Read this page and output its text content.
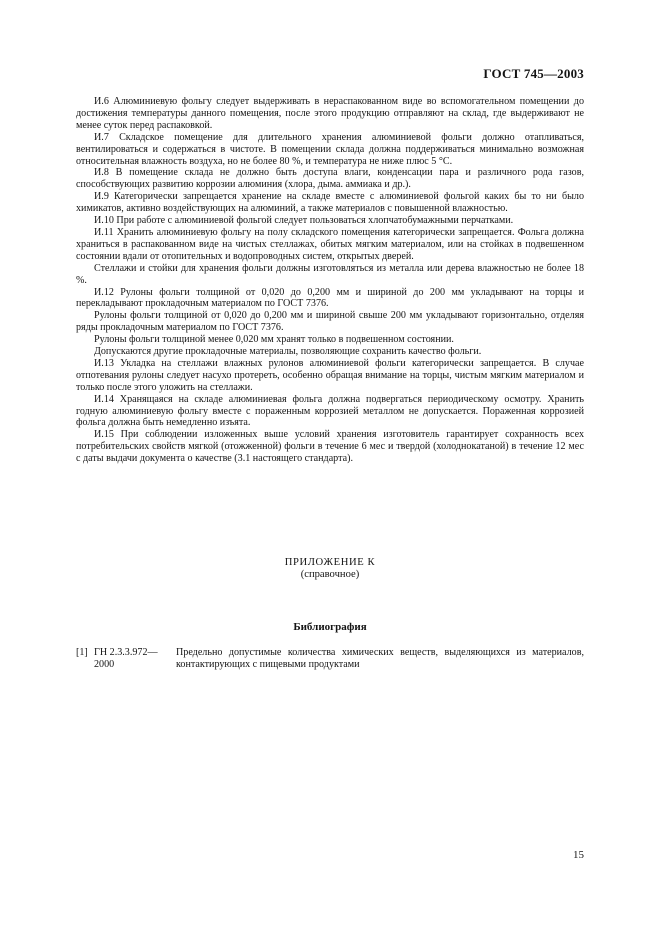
ГОСТ 745—2003

И.6 Алюминиевую фольгу следует выдерживать в нераспакованном виде во вспомогательном помещении до достижения температуры данного помещения, после этого продукцию отправляют на склад, где выдерживают не менее суток перед распаковкой.

И.7 Складское помещение для длительного хранения алюминиевой фольги должно отапливаться, вентилироваться и содержаться в чистоте. В помещении склада должна поддерживаться минимально возможная относительная влажность воздуха, но не более 80 %, и температура не ниже плюс 5 °С.

И.8 В помещение склада не должно быть доступа влаги, конденсации пара и различного рода газов, способствующих развитию коррозии алюминия (хлора, дыма. аммиака и др.).

И.9 Категорически запрещается хранение на складе вместе с алюминиевой фольгой каких бы то ни было химикатов, активно воздействующих на алюминий, а также материалов с повышенной влажностью.

И.10 При работе с алюминиевой фольгой следует пользоваться хлопчатобумажными перчатками.

И.11 Хранить алюминиевую фольгу на полу складского помещения категорически запрещается. Фольга должна храниться в распакованном виде на чистых стеллажах, обитых мягким материалом, или на стойках в подвешенном состоянии вдали от отопительных и водопроводных систем, открытых дверей.

Стеллажи и стойки для хранения фольги должны изготовляться из металла или дерева влажностью не более 18 %.

И.12 Рулоны фольги толщиной от 0,020 до 0,200 мм и шириной до 200 мм укладывают на торцы и перекладывают прокладочным материалом по ГОСТ 7376.

Рулоны фольги толщиной от 0,020 до 0,200 мм и шириной свыше 200 мм укладывают горизонтально, отделяя ряды прокладочным материалом по ГОСТ 7376.

Рулоны фольги толщиной менее 0,020 мм хранят только в подвешенном состоянии.

Допускаются другие прокладочные материалы, позволяющие сохранить качество фольги.

И.13 Укладка на стеллажи влажных рулонов алюминиевой фольги категорически запрещается. В случае отпотевания рулоны следует насухо протереть, особенно обращая внимание на торцы, чистым мягким материалом и только после этого уложить на стеллажи.

И.14 Хранящаяся на складе алюминиевая фольга должна подвергаться периодическому осмотру. Хранить годную алюминиевую фольгу вместе с пораженным коррозией металлом не допускается. Пораженная коррозией фольга должна быть немедленно изъята.

И.15 При соблюдении изложенных выше условий хранения изготовитель гарантирует сохранность всех потребительских свойств мягкой (отожженной) фольги в течение 6 мес и твердой (холоднокатаной) в течение 12 мес с даты выдачи документа о качестве (3.1 настоящего стандарта).

ПРИЛОЖЕНИЕ К
(справочное)
Библиография
[1] ГН 2.3.3.972—2000
Предельно допустимые количества химических веществ, выделяющихся из материалов, контактирующих с пищевыми продуктами
15
